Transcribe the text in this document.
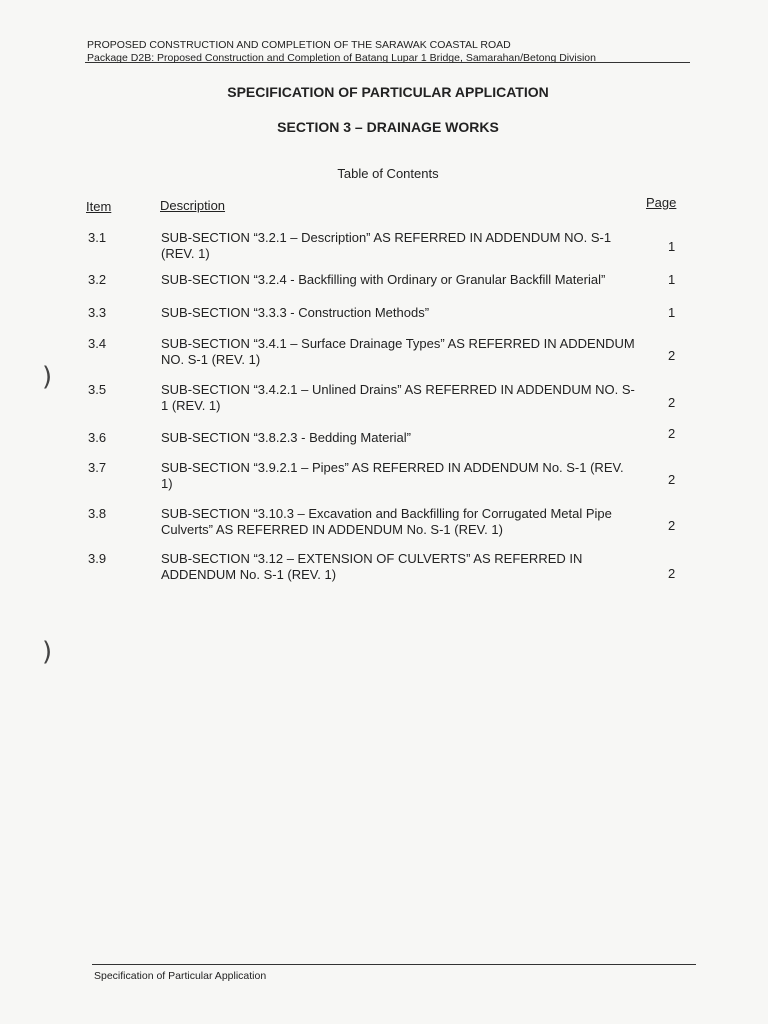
PROPOSED CONSTRUCTION AND COMPLETION OF THE SARAWAK COASTAL ROAD
Package D2B: Proposed Construction and Completion of Batang Lupar 1 Bridge, Samarahan/Betong Division
SPECIFICATION OF PARTICULAR APPLICATION
SECTION 3 – DRAINAGE WORKS
Table of Contents
Item	Description	Page
3.1	SUB-SECTION “3.2.1 – Description” AS REFERRED IN ADDENDUM NO. S-1
(REV. 1)	1
3.2	SUB-SECTION “3.2.4 - Backfilling with Ordinary or Granular Backfill Material”	1
3.3	SUB-SECTION “3.3.3 - Construction Methods”	1
3.4	SUB-SECTION “3.4.1 – Surface Drainage Types” AS REFERRED IN ADDENDUM
NO. S-1 (REV. 1)	2
3.5	SUB-SECTION “3.4.2.1 – Unlined Drains” AS REFERRED IN ADDENDUM NO. S-
1 (REV. 1)	2
3.6	SUB-SECTION “3.8.2.3 - Bedding Material”	2
3.7	SUB-SECTION “3.9.2.1 – Pipes” AS REFERRED IN ADDENDUM No. S-1 (REV.
1)	2
3.8	SUB-SECTION “3.10.3 – Excavation and Backfilling for Corrugated Metal Pipe
Culverts” AS REFERRED IN ADDENDUM No. S-1 (REV. 1)	2
3.9	SUB-SECTION “3.12 – EXTENSION OF CULVERTS” AS REFERRED IN
ADDENDUM No. S-1 (REV. 1)	2
)
)
Specification of Particular Application
